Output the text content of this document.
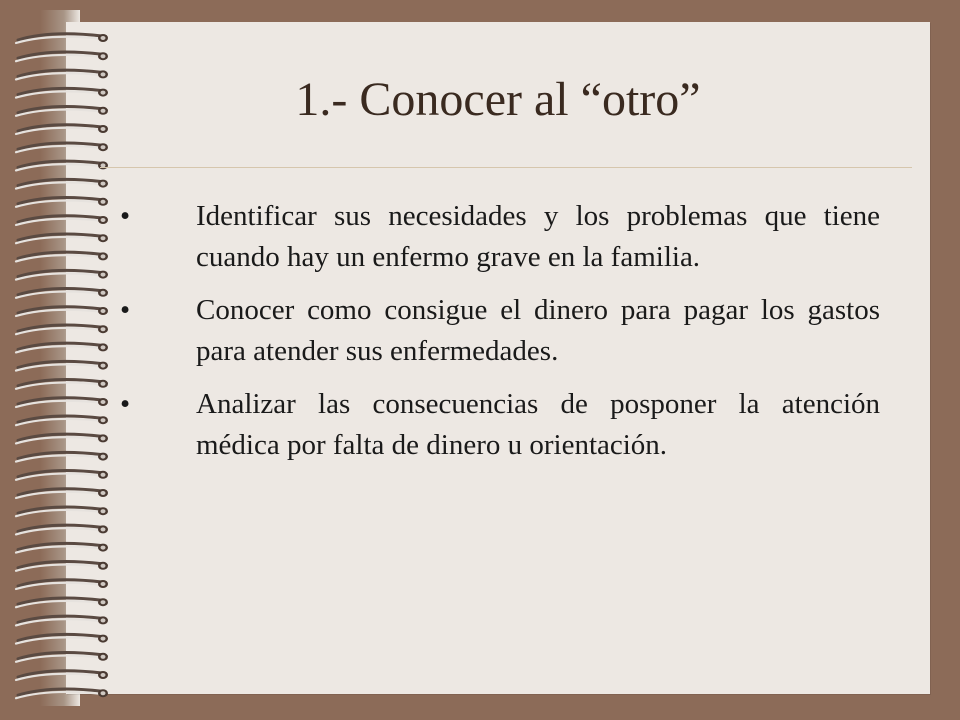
1.- Conocer al “otro”
• Identificar sus necesidades y los problemas que tiene cuando hay un enfermo grave en la familia.
• Conocer como consigue el dinero para pagar los gastos para atender sus enfermedades.
• Analizar las consecuencias de posponer la atención médica por falta de dinero u orientación.
